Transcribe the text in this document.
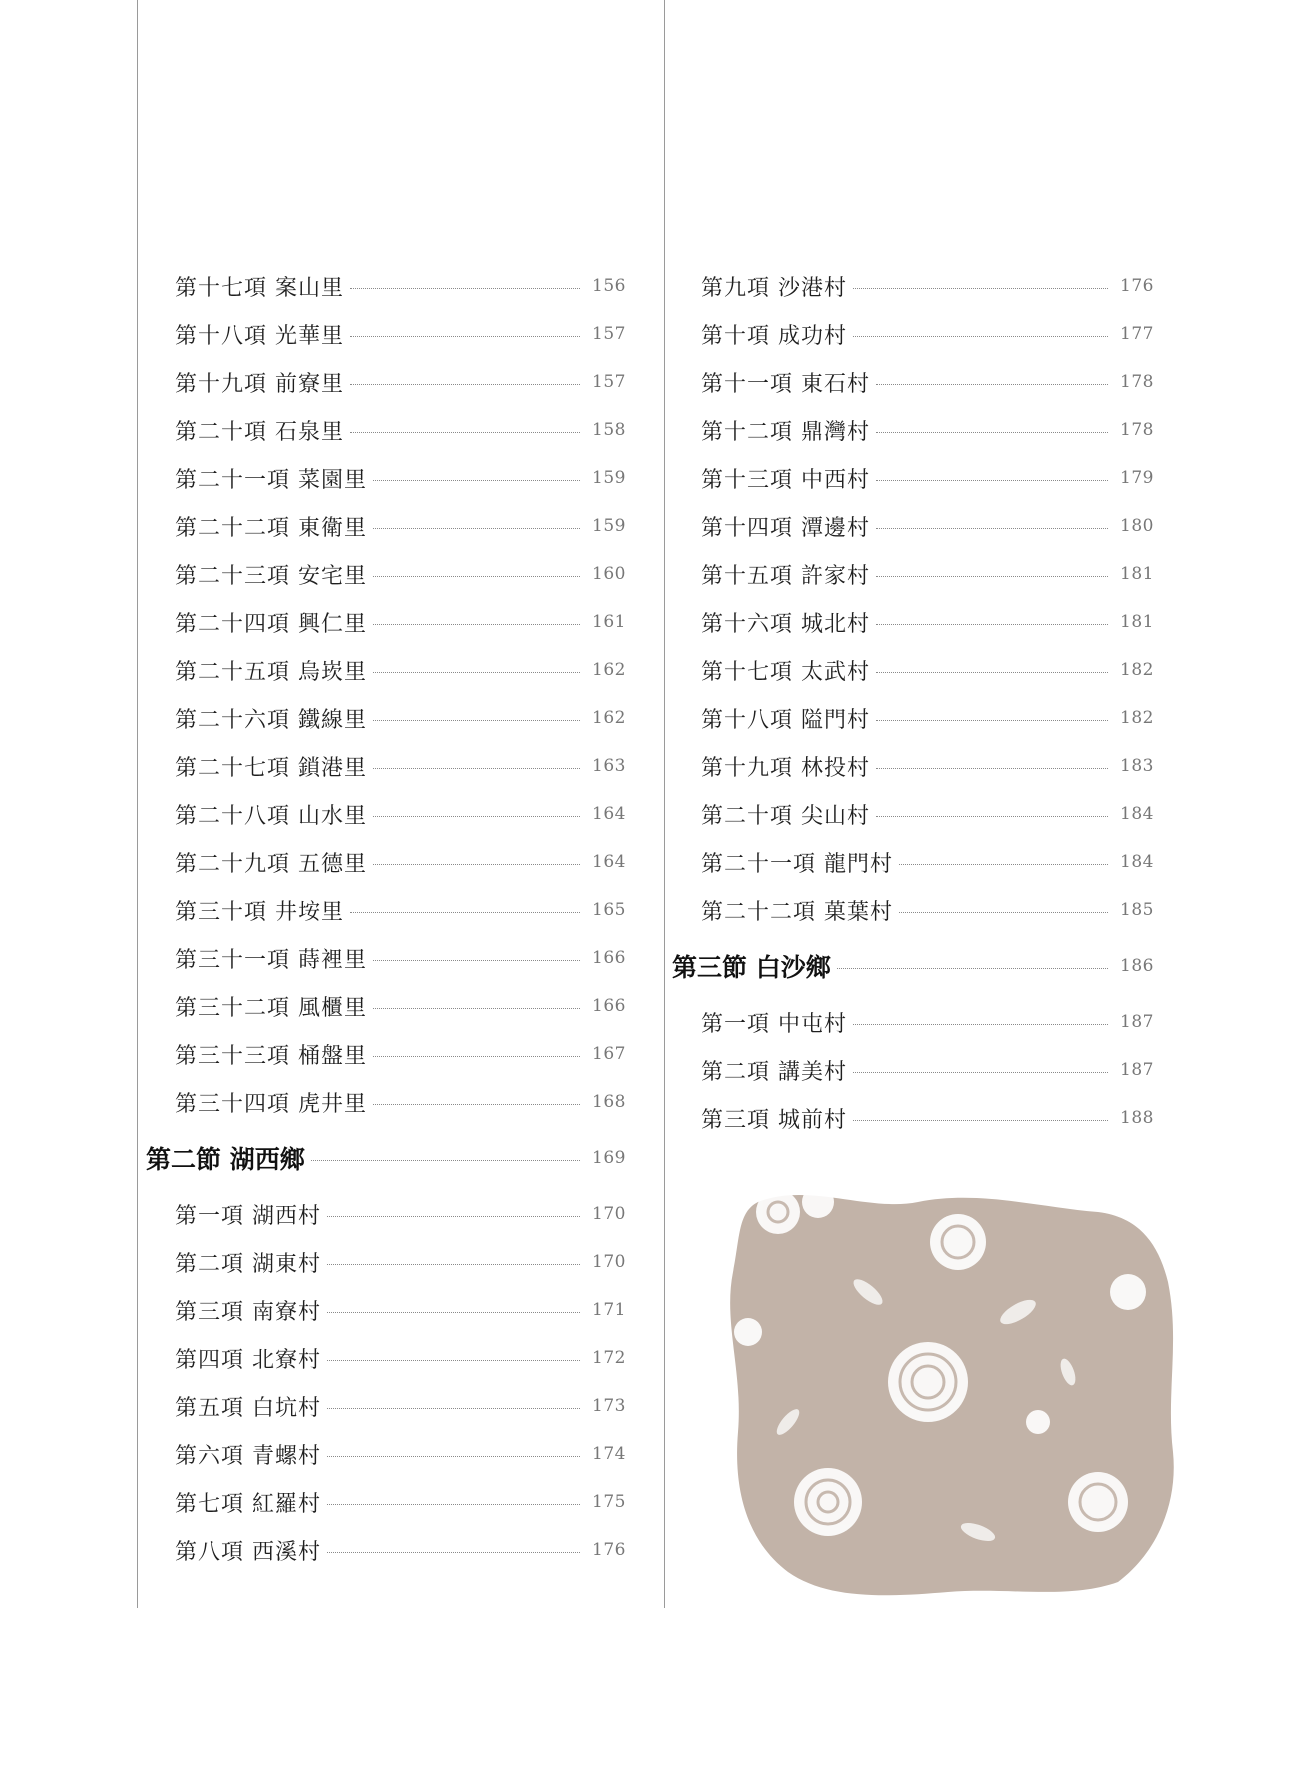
第十七項 案山里	156
第十八項 光華里	157
第十九項 前寮里	157
第二十項 石泉里	158
第二十一項 菜園里	159
第二十二項 東衛里	159
第二十三項 安宅里	160
第二十四項 興仁里	161
第二十五項 烏崁里	162
第二十六項 鐵線里	162
第二十七項 鎖港里	163
第二十八項 山水里	164
第二十九項 五德里	164
第三十項 井垵里	165
第三十一項 蒔裡里	166
第三十二項 風櫃里	166
第三十三項 桶盤里	167
第三十四項 虎井里	168
第二節 湖西鄉	169
第一項 湖西村	170
第二項 湖東村	170
第三項 南寮村	171
第四項 北寮村	172
第五項 白坑村	173
第六項 青螺村	174
第七項 紅羅村	175
第八項 西溪村	176
第九項 沙港村	176
第十項 成功村	177
第十一項 東石村	178
第十二項 鼎灣村	178
第十三項 中西村	179
第十四項 潭邊村	180
第十五項 許家村	181
第十六項 城北村	181
第十七項 太武村	182
第十八項 隘門村	182
第十九項 林投村	183
第二十項 尖山村	184
第二十一項 龍門村	184
第二十二項 菓葉村	185
第三節 白沙鄉	186
第一項 中屯村	187
第二項 講美村	187
第三項 城前村	188
